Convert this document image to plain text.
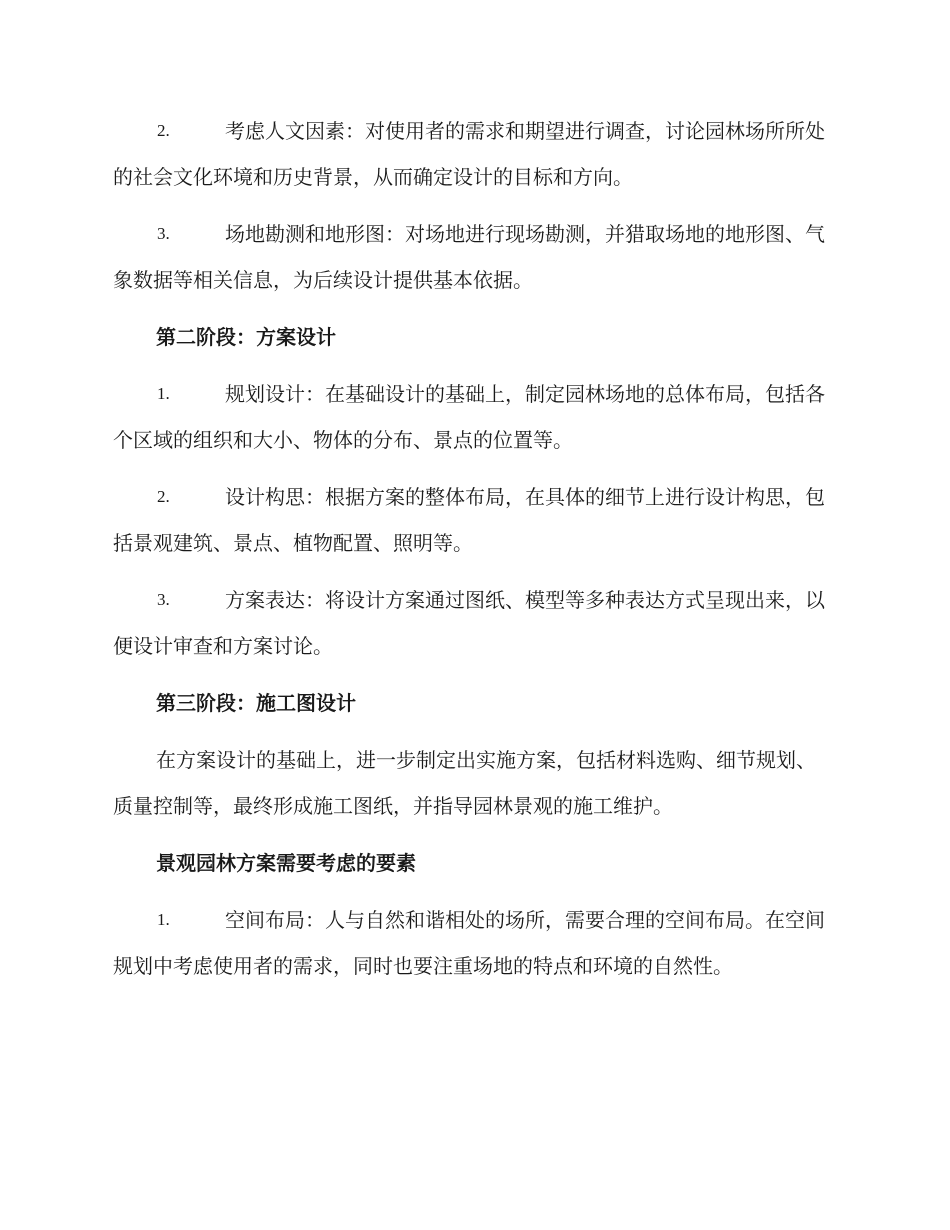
2.	考虑人文因素：对使用者的需求和期望进行调查，讨论园林场所所处的社会文化环境和历史背景，从而确定设计的目标和方向。
3.	场地勘测和地形图：对场地进行现场勘测，并猎取场地的地形图、气象数据等相关信息，为后续设计提供基本依据。
第二阶段：方案设计
1.	规划设计：在基础设计的基础上，制定园林场地的总体布局，包括各个区域的组织和大小、物体的分布、景点的位置等。
2.	设计构思：根据方案的整体布局，在具体的细节上进行设计构思，包括景观建筑、景点、植物配置、照明等。
3.	方案表达：将设计方案通过图纸、模型等多种表达方式呈现出来，以便设计审查和方案讨论。
第三阶段：施工图设计
在方案设计的基础上，进一步制定出实施方案，包括材料选购、细节规划、质量控制等，最终形成施工图纸，并指导园林景观的施工维护。
景观园林方案需要考虑的要素
1.	空间布局：人与自然和谐相处的场所，需要合理的空间布局。在空间规划中考虑使用者的需求，同时也要注重场地的特点和环境的自然性。
